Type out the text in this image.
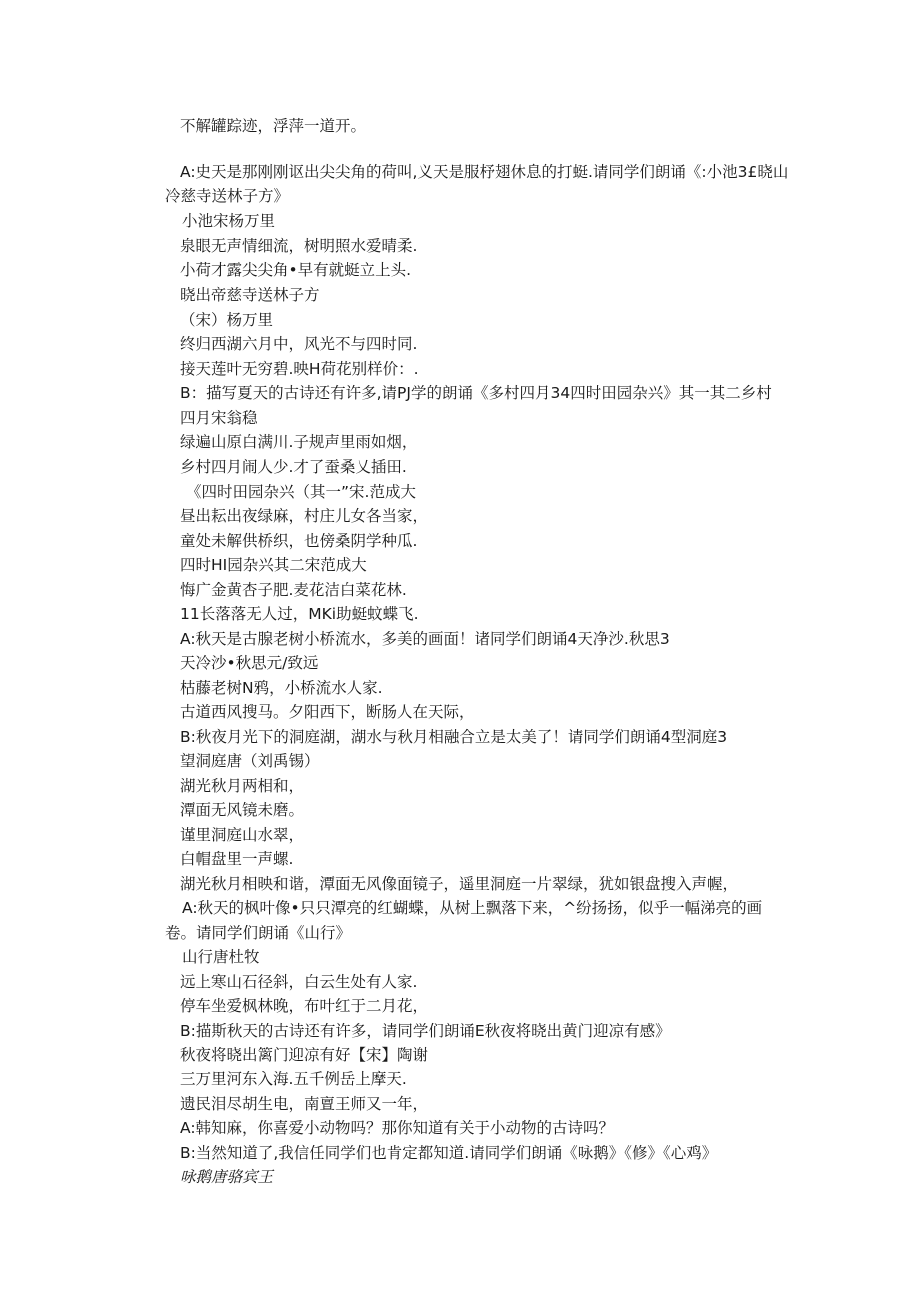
不解罐踪迹，浮萍一道开。
A:史天是那刚刚讴出尖尖角的荷叫,义天是服杼翅休息的打蜓.请同学们朗诵《:小池3£晓山
冷慈寺送林子方》
小池宋杨万里
泉眼无声情细流，树明照水爱晴柔.
小荷才露尖尖角•早有就蜓立上头.
晓出帝慈寺送林子方
（宋）杨万里
终归西湖六月中，风光不与四时同.
接天莲叶无穷碧.映H荷花别样价：.
B：描写夏天的古诗还有许多,请PJ学的朗诵《多村四月34四时田园杂兴》其一其二乡村
四月宋翁稳
绿遍山原白满川.子规声里雨如烟，
乡村四月闹人少.才了蚕桑乂插田.
《四时田园杂兴（其一”宋.范成大
昼出耘出夜绿麻，村庄儿女各当家，
童处未解供桥织，也傍桑阴学种瓜.
四时HI园杂兴其二宋范成大
悔广金黄杏子肥.麦花洁白菜花林.
11长落落无人过，MKi助蜓蚊蝶飞.
A:秋天是古腺老树小桥流水，多美的画面！诸同学们朗诵4天净沙.秋思3
天冷沙•秋思元/致远
枯藤老树N鸦，小桥流水人家.
古道西风搜马。夕阳西下，断肠人在天际，
B:秋夜月光下的洞庭湖，湖水与秋月相融合立是太美了！请同学们朗诵4型洞庭3
望洞庭唐（刘禹锡）
湖光秋月两相和，
潭面无风镜未磨。
谨里洞庭山水翠，
白帽盘里一声螺.
湖光秋月相映和谐，潭面无风像面镜子，遥里洞庭一片翠绿，犹如银盘搜入声幄，
A:秋天的枫叶像•只只潭亮的红蝴蝶，从树上飘落下来，^纷扬扬，似乎一幅涕亮的画
卷。请同学们朗诵《山行》
山行唐杜牧
远上寒山石径斜，白云生处有人家.
停车坐爱枫林晚，布叶红于二月花，
B:描斯秋天的古诗还有许多，请同学们朗诵E秋夜将晓出黄门迎凉有感》
秋夜将晓出篱门迎凉有好【宋】陶谢
三万里河东入海.五千例岳上摩天.
遗民泪尽胡生电，南亶王师又一年，
A:韩知麻，你喜爱小动物吗？那你知道有关于小动物的古诗吗？
B:当然知道了,我信任同学们也肯定都知道.请同学们朗诵《咏鹅》《修》《心鸡》
咏鹅唐骆宾王
